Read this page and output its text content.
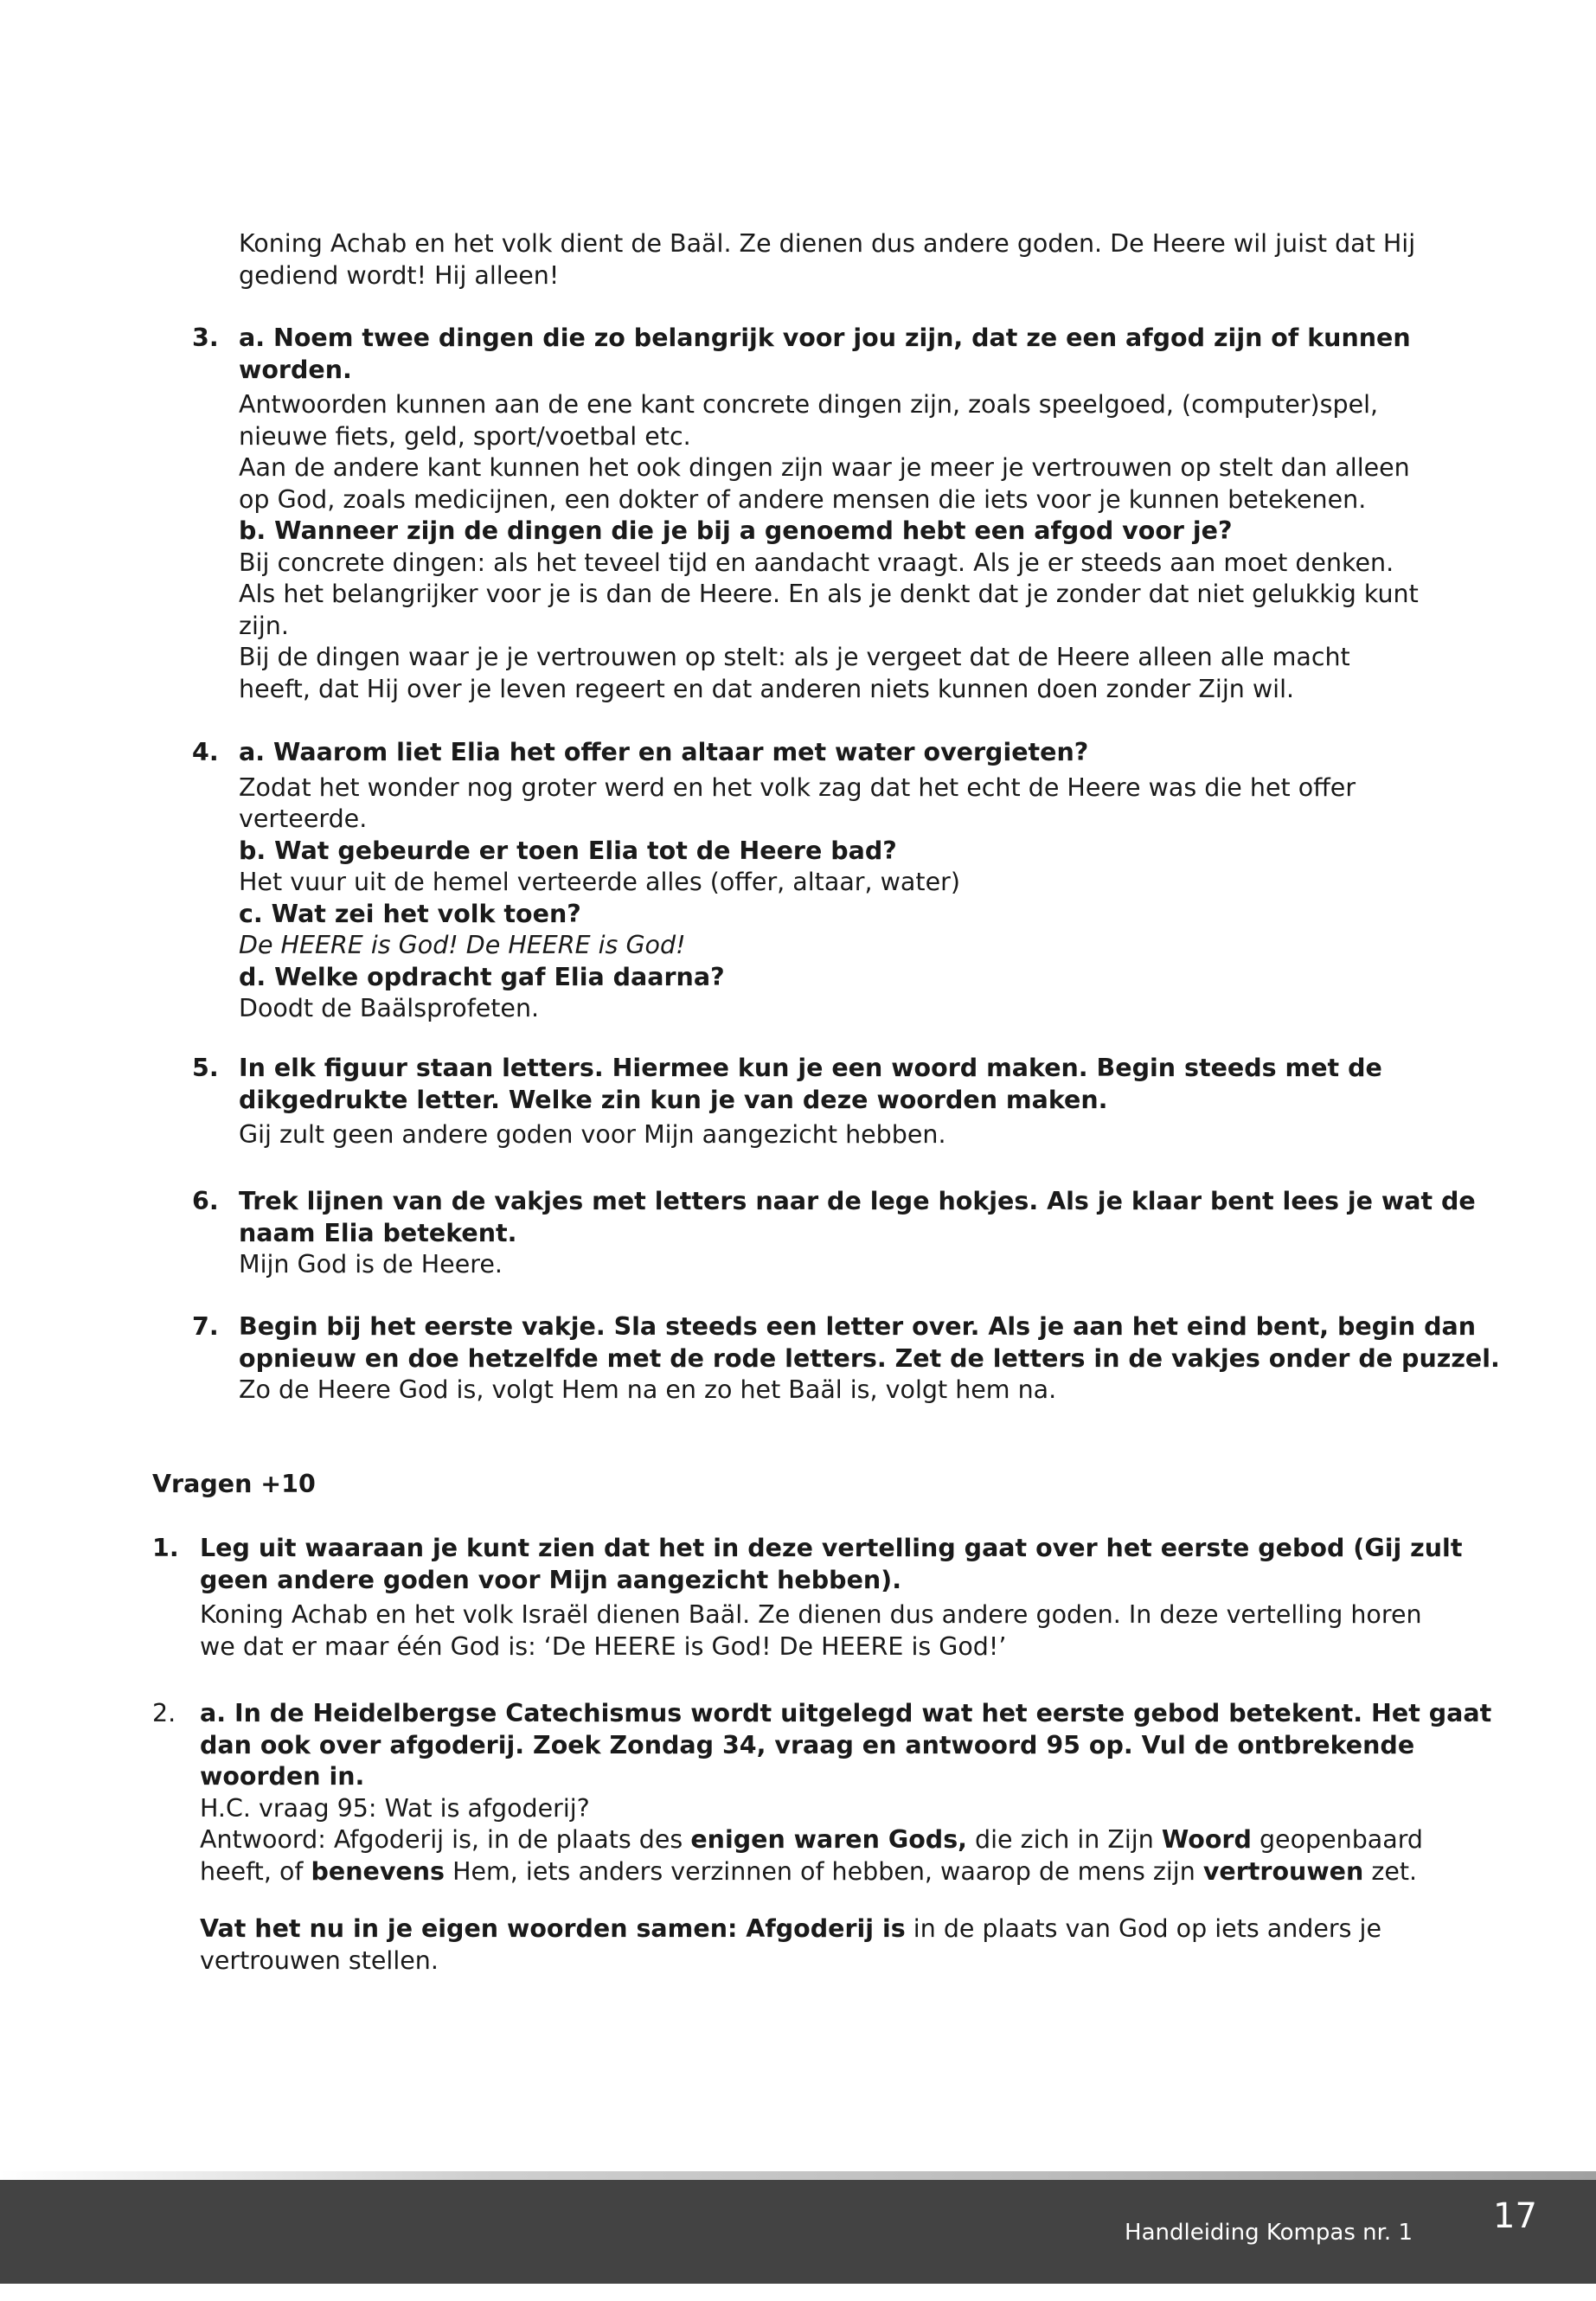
Koning Achab en het volk dient de Baäl. Ze dienen dus andere goden. De Heere wil juist dat Hij
gediend wordt! Hij alleen!
3. a. Noem twee dingen die zo belangrijk voor jou zijn, dat ze een afgod zijn of kunnen
worden.
Antwoorden kunnen aan de ene kant concrete dingen zijn, zoals speelgoed, (computer)spel,
nieuwe fiets, geld, sport/voetbal etc.
Aan de andere kant kunnen het ook dingen zijn waar je meer je vertrouwen op stelt dan alleen
op God, zoals medicijnen, een dokter of andere mensen die iets voor je kunnen betekenen.
b. Wanneer zijn de dingen die je bij a genoemd hebt een afgod voor je?
Bij concrete dingen: als het teveel tijd en aandacht vraagt. Als je er steeds aan moet denken.
Als het belangrijker voor je is dan de Heere. En als je denkt dat je zonder dat niet gelukkig kunt
zijn.
Bij de dingen waar je je vertrouwen op stelt: als je vergeet dat de Heere alleen alle macht
heeft, dat Hij over je leven regeert en dat anderen niets kunnen doen zonder Zijn wil.
4. a. Waarom liet Elia het offer en altaar met water overgieten?
Zodat het wonder nog groter werd en het volk zag dat het echt de Heere was die het offer
verteerde.
b. Wat gebeurde er toen Elia tot de Heere bad?
Het vuur uit de hemel verteerde alles (offer, altaar, water)
c. Wat zei het volk toen?
De HEERE is God! De HEERE is God!
d. Welke opdracht gaf Elia daarna?
Doodt de Baälsprofeten.
5. In elk figuur staan letters. Hiermee kun je een woord maken. Begin steeds met de
dikgedrukte letter. Welke zin kun je van deze woorden maken.
Gij zult geen andere goden voor Mijn aangezicht hebben.
6. Trek lijnen van de vakjes met letters naar de lege hokjes. Als je klaar bent lees je wat de
naam Elia betekent.
Mijn God is de Heere.
7. Begin bij het eerste vakje. Sla steeds een letter over. Als je aan het eind bent, begin dan
opnieuw en doe hetzelfde met de rode letters. Zet de letters in de vakjes onder de puzzel.
Zo de Heere God is, volgt Hem na en zo het Baäl is, volgt hem na.
Vragen +10
1. Leg uit waaraan je kunt zien dat het in deze vertelling gaat over het eerste gebod (Gij zult
geen andere goden voor Mijn aangezicht hebben).
Koning Achab en het volk Israël dienen Baäl. Ze dienen dus andere goden. In deze vertelling horen
we dat er maar één God is: ‘De HEERE is God! De HEERE is God!’
2. a. In de Heidelbergse Catechismus wordt uitgelegd wat het eerste gebod betekent. Het gaat
dan ook over afgoderij. Zoek Zondag 34, vraag en antwoord 95 op. Vul de ontbrekende
woorden in.
H.C. vraag 95: Wat is afgoderij?
Antwoord: Afgoderij is, in de plaats des enigen waren Gods, die zich in Zijn Woord geopenbaard
heeft, of benevens Hem, iets anders verzinnen of hebben, waarop de mens zijn vertrouwen zet.
Vat het nu in je eigen woorden samen: Afgoderij is in de plaats van God op iets anders je
vertrouwen stellen.
Handleiding Kompas nr. 1 17
